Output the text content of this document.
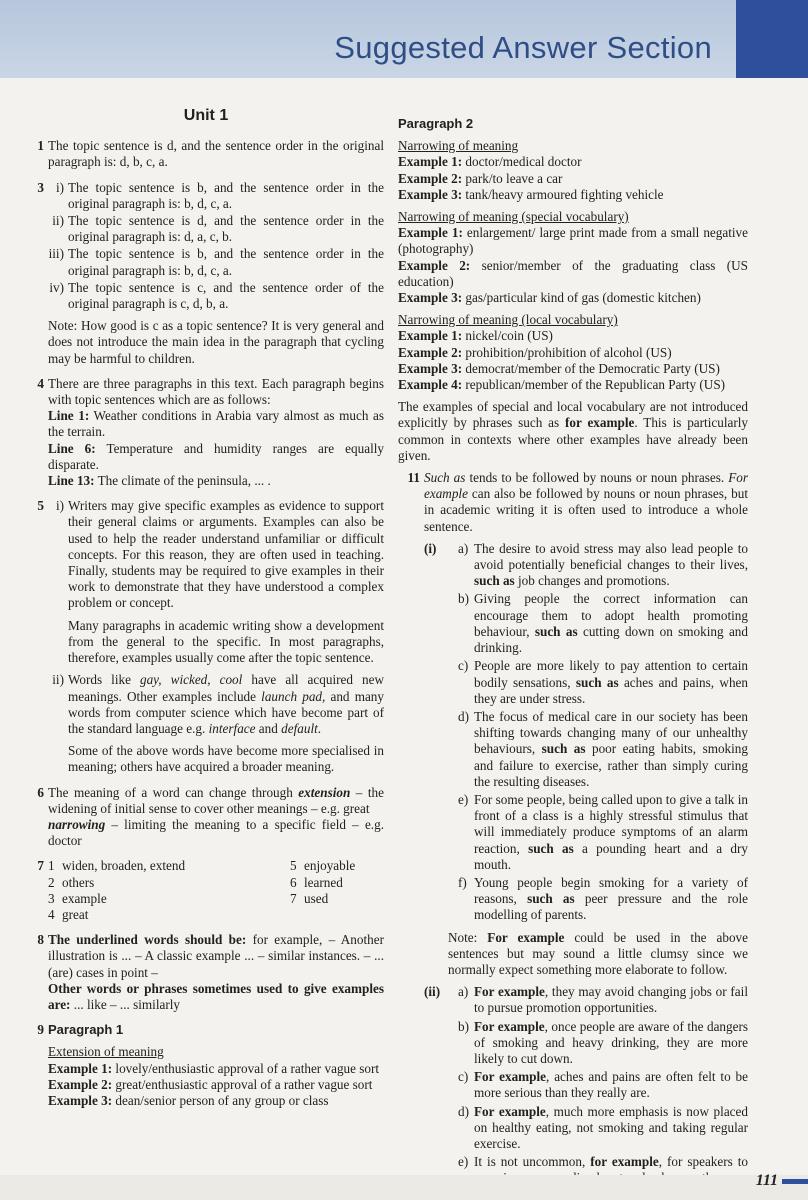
Suggested Answer Section
Unit 1
1 The topic sentence is d, and the sentence order in the original paragraph is: d, b, c, a.
3 i) The topic sentence is b, and the sentence order in the original paragraph is: b, d, c, a.
ii) The topic sentence is d, and the sentence order in the original paragraph is: d, a, c, b.
iii) The topic sentence is b, and the sentence order in the original paragraph is: b, d, c, a.
iv) The topic sentence is c, and the sentence order of the original paragraph is c, d, b, a.
Note: How good is c as a topic sentence? It is very general and does not introduce the main idea in the paragraph that cycling may be harmful to children.
4 There are three paragraphs in this text. Each paragraph begins with topic sentences which are as follows:
Line 1: Weather conditions in Arabia vary almost as much as the terrain.
Line 6: Temperature and humidity ranges are equally disparate.
Line 13: The climate of the peninsula, ... .
5 i) Writers may give specific examples as evidence to support their general claims or arguments. Examples can also be used to help the reader understand unfamiliar or difficult concepts. For this reason, they are often used in teaching. Finally, students may be required to give examples in their work to demonstrate that they have understood a complex problem or concept.
Many paragraphs in academic writing show a development from the general to the specific. In most paragraphs, therefore, examples usually come after the topic sentence.
ii) Words like gay, wicked, cool have all acquired new meanings. Other examples include launch pad, and many words from computer science which have become part of the standard language e.g. interface and default.
Some of the above words have become more specialised in meaning; others have acquired a broader meaning.
6 The meaning of a word can change through extension – the widening of initial sense to cover other meanings – e.g. great
narrowing – limiting the meaning to a specific field – e.g. doctor
7 1 widen, broaden, extend
2 others
3 example
4 great
5 enjoyable
6 learned
7 used
8 The underlined words should be: for example, – Another illustration is ... – A classic example ... – similar instances. – ... (are) cases in point –
Other words or phrases sometimes used to give examples are: ... like – ... similarly
9 Paragraph 1
Extension of meaning
Example 1: lovely/enthusiastic approval of a rather vague sort
Example 2: great/enthusiastic approval of a rather vague sort
Example 3: dean/senior person of any group or class
Paragraph 2
Narrowing of meaning
Example 1: doctor/medical doctor
Example 2: park/to leave a car
Example 3: tank/heavy armoured fighting vehicle
Narrowing of meaning (special vocabulary)
Example 1: enlargement/ large print made from a small negative (photography)
Example 2: senior/member of the graduating class (US education)
Example 3: gas/particular kind of gas (domestic kitchen)
Narrowing of meaning (local vocabulary)
Example 1: nickel/coin (US)
Example 2: prohibition/prohibition of alcohol (US)
Example 3: democrat/member of the Democratic Party (US)
Example 4: republican/member of the Republican Party (US)
The examples of special and local vocabulary are not introduced explicitly by phrases such as for example. This is particularly common in contexts where other examples have already been given.
11 Such as tends to be followed by nouns or noun phrases. For example can also be followed by nouns or noun phrases, but in academic writing it is often used to introduce a whole sentence.
(i)	a) The desire to avoid stress may also lead people to avoid potentially beneficial changes to their lives, such as job changes and promotions.
b) Giving people the correct information can encourage them to adopt health promoting behaviour, such as cutting down on smoking and drinking.
c) People are more likely to pay attention to certain bodily sensations, such as aches and pains, when they are under stress.
d) The focus of medical care in our society has been shifting towards changing many of our unhealthy behaviours, such as poor eating habits, smoking and failure to exercise, rather than simply curing the resulting diseases.
e) For some people, being called upon to give a talk in front of a class is a highly stressful stimulus that will immediately produce symptoms of an alarm reaction, such as a pounding heart and a dry mouth.
f) Young people begin smoking for a variety of reasons, such as peer pressure and the role modelling of parents.
Note: For example could be used in the above sentences but may sound a little clumsy since we normally expect something more elaborate to follow.
(ii)	a) For example, they may avoid changing jobs or fail to pursue promotion opportunities.
b) For example, once people are aware of the dangers of smoking and heavy drinking, they are more likely to cut down.
c) For example, aches and pains are often felt to be more serious than they really are.
d) For example, much more emphasis is now placed on healthy eating, not smoking and taking regular exercise.
e) It is not uncommon, for example, for speakers to
111
